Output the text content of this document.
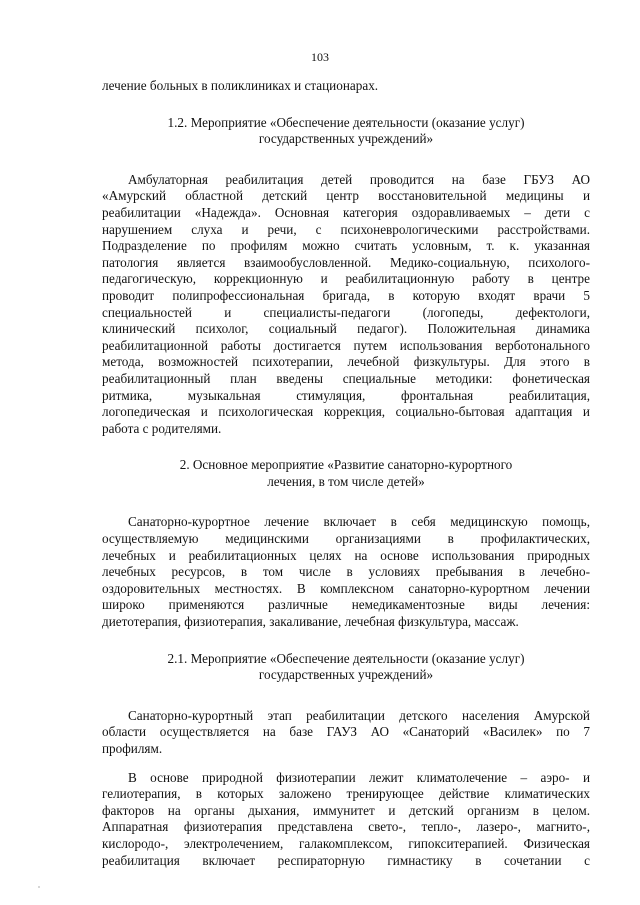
103
лечение больных в поликлиниках и стационарах.
1.2. Мероприятие «Обеспечение деятельности (оказание услуг)
государственных учреждений»
Амбулаторная реабилитация детей проводится на базе ГБУЗ АО
«Амурский областной детский центр восстановительной медицины и
реабилитации «Надежда». Основная категория оздоравливаемых – дети с
нарушением слуха и речи, с психоневрологическими расстройствами.
Подразделение по профилям можно считать условным, т. к. указанная
патология является взаимообусловленной. Медико-социальную, психолого-
педагогическую, коррекционную и реабилитационную работу в центре
проводит полипрофессиональная бригада, в которую входят врачи 5
специальностей и специалисты-педагоги (логопеды, дефектологи,
клинический психолог, социальный педагог). Положительная динамика
реабилитационной работы достигается путем использования верботонального
метода, возможностей психотерапии, лечебной физкультуры. Для этого в
реабилитационный план введены специальные методики: фонетическая
ритмика, музыкальная стимуляция, фронтальная реабилитация,
логопедическая и психологическая коррекция, социально-бытовая адаптация и
работа с родителями.
2. Основное мероприятие «Развитие санаторно-курортного
лечения, в том числе детей»
Санаторно-курортное лечение включает в себя медицинскую помощь,
осуществляемую медицинскими организациями в профилактических,
лечебных и реабилитационных целях на основе использования природных
лечебных ресурсов, в том числе в условиях пребывания в лечебно-
оздоровительных местностях. В комплексном санаторно-курортном лечении
широко применяются различные немедикаментозные виды лечения:
диетотерапия, физиотерапия, закаливание, лечебная физкультура, массаж.
2.1. Мероприятие «Обеспечение деятельности (оказание услуг)
государственных учреждений»
Санаторно-курортный этап реабилитации детского населения Амурской
области осуществляется на базе ГАУЗ АО «Санаторий «Василек» по 7
профилям.
В основе природной физиотерапии лежит климатолечение – аэро- и
гелиотерапия, в которых заложено тренирующее действие климатических
факторов на органы дыхания, иммунитет и детский организм в целом.
Аппаратная физиотерапия представлена свето-, тепло-, лазеро-, магнито-,
кислородо-, электролечением, галакомплексом, гипокситерапией. Физическая
реабилитация включает респираторную гимнастику в сочетании с
